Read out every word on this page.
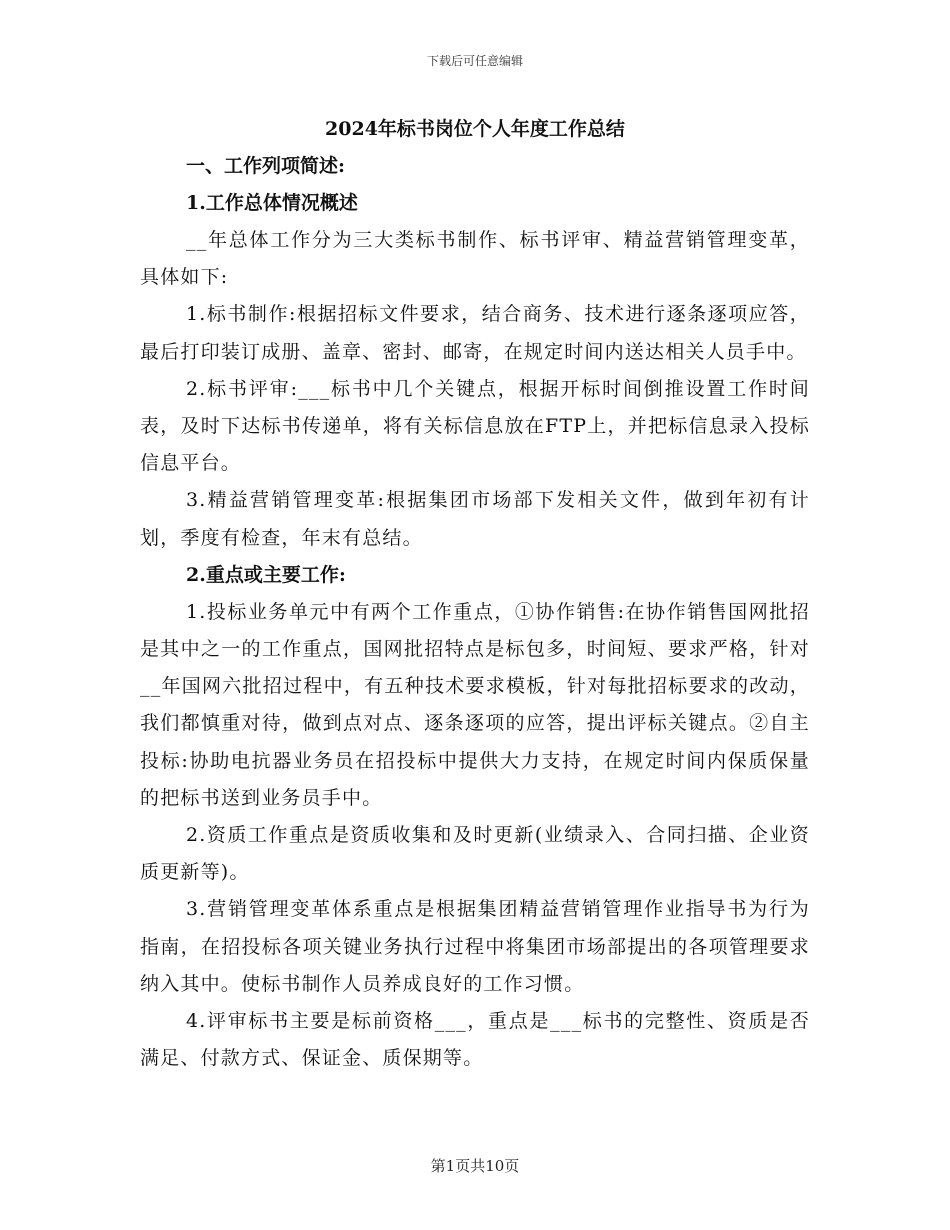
下载后可任意编辑
2024年标书岗位个人年度工作总结
一、工作列项简述:
1.工作总体情况概述

__年总体工作分为三大类标书制作、标书评审、精益营销管理变革，具体如下:

1.标书制作:根据招标文件要求，结合商务、技术进行逐条逐项应答，最后打印装订成册、盖章、密封、邮寄，在规定时间内送达相关人员手中。

2.标书评审:___标书中几个关键点，根据开标时间倒推设置工作时间表，及时下达标书传递单，将有关标信息放在FTP上，并把标信息录入投标信息平台。

3.精益营销管理变革:根据集团市场部下发相关文件，做到年初有计划，季度有检查，年末有总结。

2.重点或主要工作:

1.投标业务单元中有两个工作重点，①协作销售:在协作销售国网批招是其中之一的工作重点，国网批招特点是标包多，时间短、要求严格，针对__年国网六批招过程中，有五种技术要求模板，针对每批招标要求的改动，我们都慎重对待，做到点对点、逐条逐项的应答，提出评标关键点。②自主投标:协助电抗器业务员在招投标中提供大力支持，在规定时间内保质保量的把标书送到业务员手中。

2.资质工作重点是资质收集和及时更新(业绩录入、合同扫描、企业资质更新等)。

3.营销管理变革体系重点是根据集团精益营销管理作业指导书为行为指南，在招投标各项关键业务执行过程中将集团市场部提出的各项管理要求纳入其中。使标书制作人员养成良好的工作习惯。

4.评审标书主要是标前资格___，重点是___标书的完整性、资质是否满足、付款方式、保证金、质保期等。

第1页共10页
